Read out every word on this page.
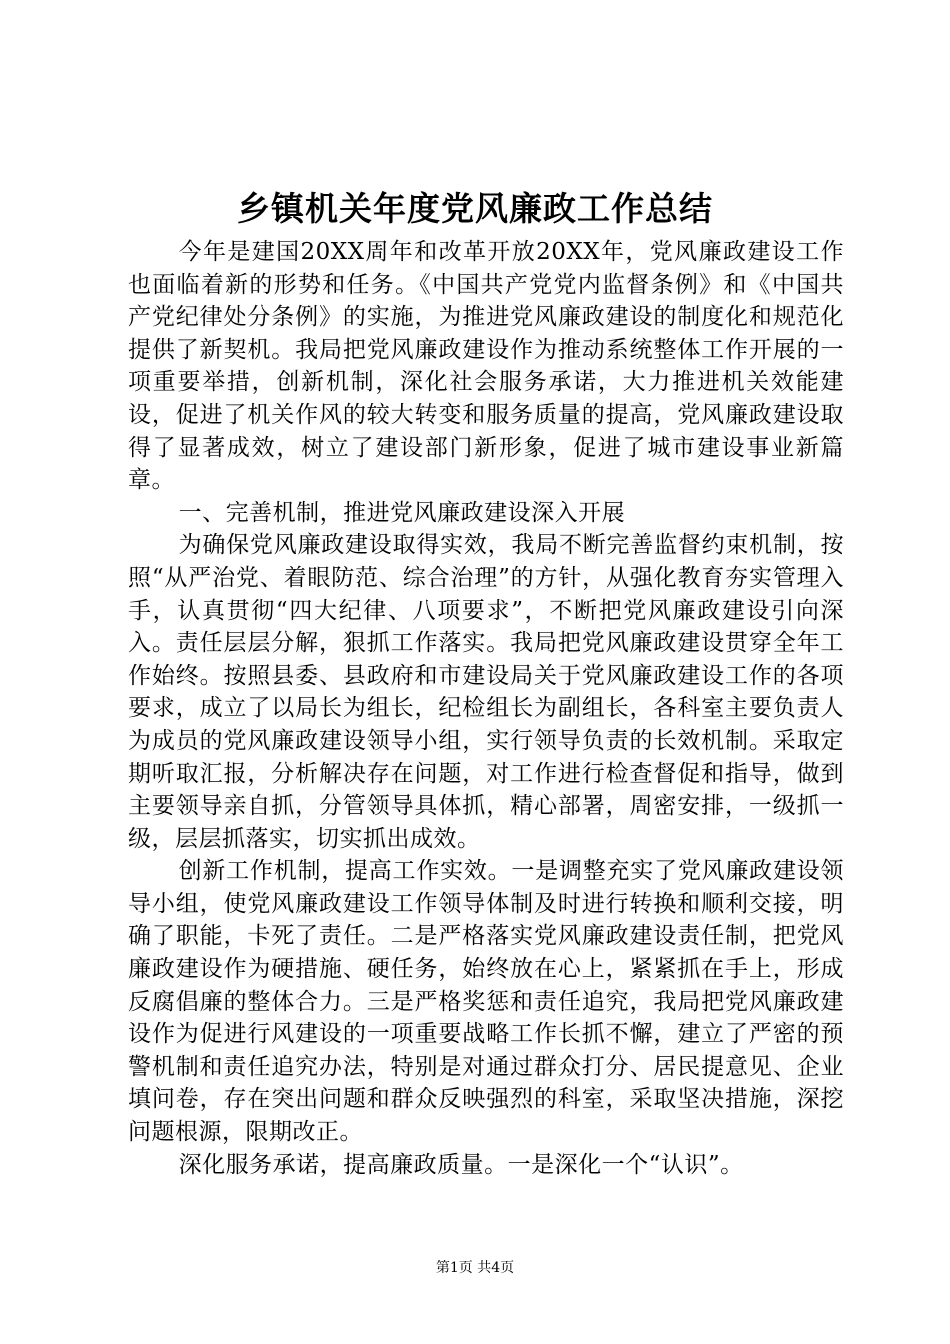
乡镇机关年度党风廉政工作总结

今年是建国20XX周年和改革开放20XX年，党风廉政建设工作也面临着新的形势和任务。《中国共产党党内监督条例》和《中国共产党纪律处分条例》的实施，为推进党风廉政建设的制度化和规范化提供了新契机。我局把党风廉政建设作为推动系统整体工作开展的一项重要举措，创新机制，深化社会服务承诺，大力推进机关效能建设，促进了机关作风的较大转变和服务质量的提高，党风廉政建设取得了显著成效，树立了建设部门新形象，促进了城市建设事业新篇章。

一、完善机制，推进党风廉政建设深入开展

为确保党风廉政建设取得实效，我局不断完善监督约束机制，按照“从严治党、着眼防范、综合治理”的方针，从强化教育夯实管理入手，认真贯彻“四大纪律、八项要求”，不断把党风廉政建设引向深入。责任层层分解，狠抓工作落实。我局把党风廉政建设贯穿全年工作始终。按照县委、县政府和市建设局关于党风廉政建设工作的各项要求，成立了以局长为组长，纪检组长为副组长，各科室主要负责人为成员的党风廉政建设领导小组，实行领导负责的长效机制。采取定期听取汇报，分析解决存在问题，对工作进行检查督促和指导，做到主要领导亲自抓，分管领导具体抓，精心部署，周密安排，一级抓一级，层层抓落实，切实抓出成效。

创新工作机制，提高工作实效。一是调整充实了党风廉政建设领导小组，使党风廉政建设工作领导体制及时进行转换和顺利交接，明确了职能，卡死了责任。二是严格落实党风廉政建设责任制，把党风廉政建设作为硬措施、硬任务，始终放在心上，紧紧抓在手上，形成反腐倡廉的整体合力。三是严格奖惩和责任追究，我局把党风廉政建设作为促进行风建设的一项重要战略工作长抓不懈，建立了严密的预警机制和责任追究办法，特别是对通过群众打分、居民提意见、企业填问卷，存在突出问题和群众反映强烈的科室，采取坚决措施，深挖问题根源，限期改正。

深化服务承诺，提高廉政质量。一是深化一个“认识”。

第1页 共4页
